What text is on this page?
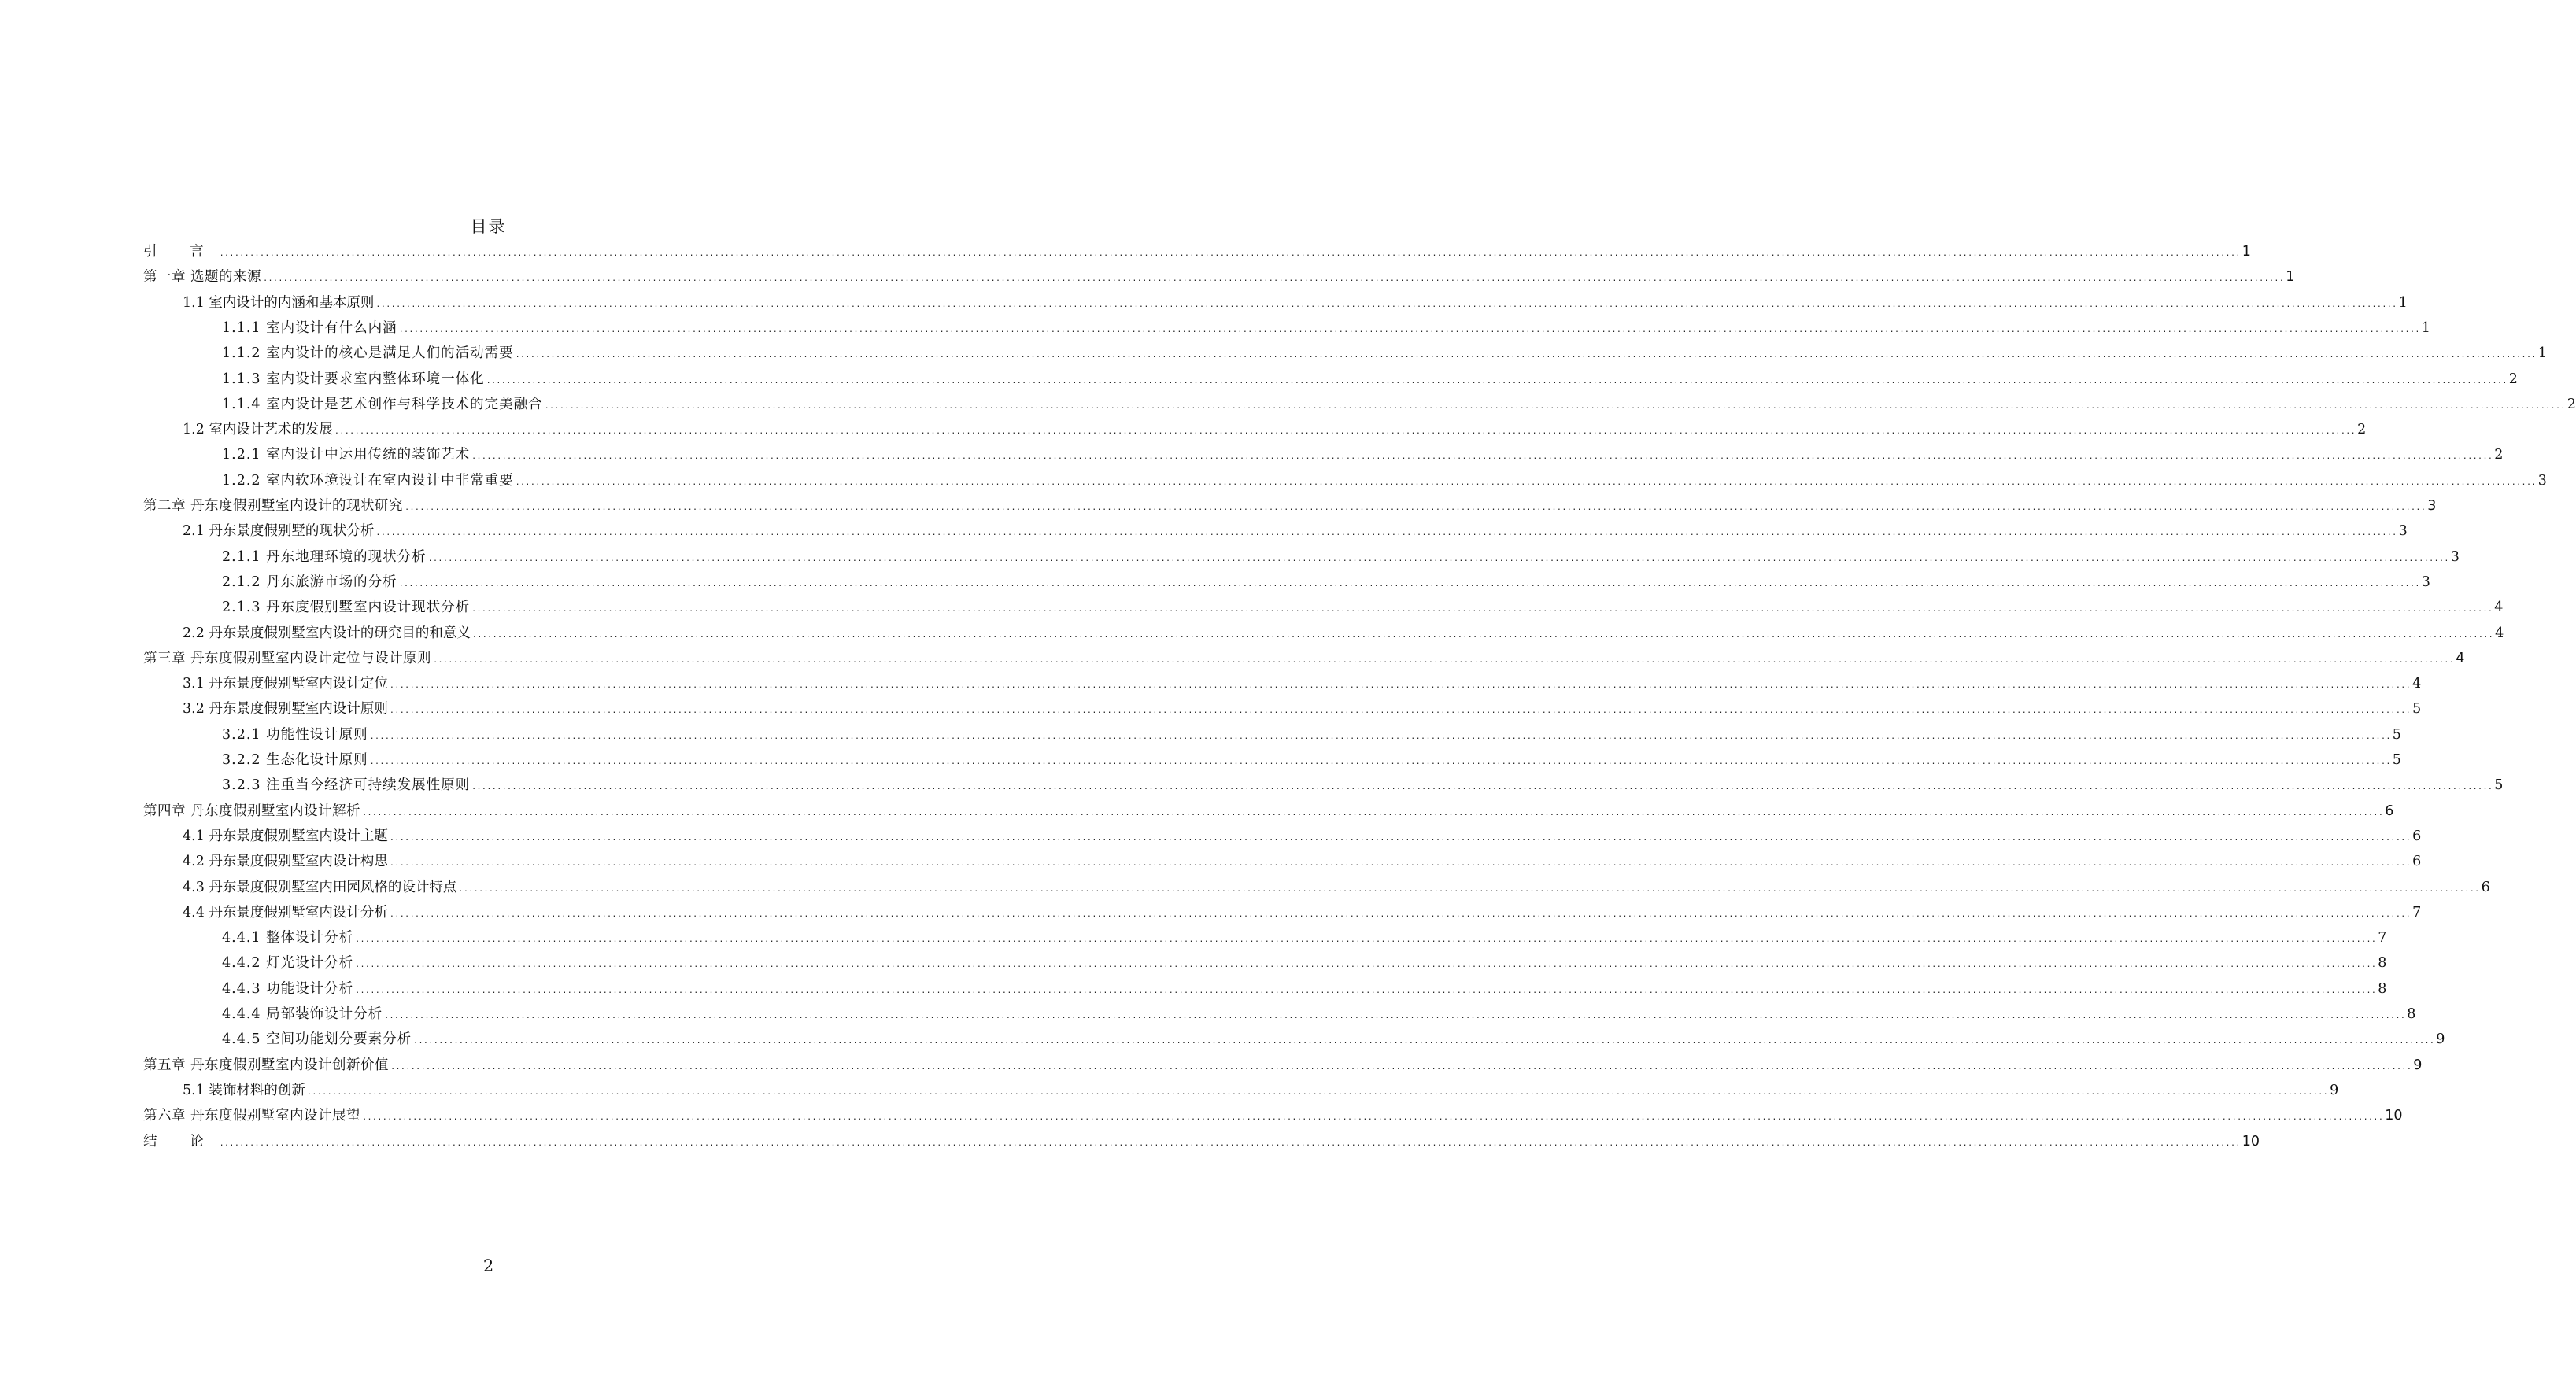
目录
引 言 ................................................................................................................................................................................................................................................................................................................................................................................................................ 1
第一章 选题的来源 ................................................................................................................................................................................................................................................................................................................................................................................................................ 1
1.1 室内设计的内涵和基本原则 ................................................................................................................................................................................................................................................................................................................................................................................................................ 1
1.1.1 室内设计有什么内涵 ................................................................................................................................................................................................................................................................................................................................................................................................................ 1
1.1.2 室内设计的核心是满足人们的活动需要 ................................................................................................................................................................................................................................................................................................................................................................................................................ 1
1.1.3 室内设计要求室内整体环境一体化 ................................................................................................................................................................................................................................................................................................................................................................................................................ 2
1.1.4 室内设计是艺术创作与科学技术的完美融合 ................................................................................................................................................................................................................................................................................................................................................................................................................ 2
1.2 室内设计艺术的发展 ................................................................................................................................................................................................................................................................................................................................................................................................................ 2
1.2.1 室内设计中运用传统的装饰艺术 ................................................................................................................................................................................................................................................................................................................................................................................................................ 2
1.2.2 室内软环境设计在室内设计中非常重要 ................................................................................................................................................................................................................................................................................................................................................................................................................ 3
第二章 丹东度假别墅室内设计的现状研究 ................................................................................................................................................................................................................................................................................................................................................................................................................ 3
2.1 丹东景度假别墅的现状分析 ................................................................................................................................................................................................................................................................................................................................................................................................................ 3
2.1.1 丹东地理环境的现状分析 ................................................................................................................................................................................................................................................................................................................................................................................................................ 3
2.1.2 丹东旅游市场的分析 ................................................................................................................................................................................................................................................................................................................................................................................................................ 3
2.1.3 丹东度假别墅室内设计现状分析 ................................................................................................................................................................................................................................................................................................................................................................................................................ 4
2.2 丹东景度假别墅室内设计的研究目的和意义 ................................................................................................................................................................................................................................................................................................................................................................................................................ 4
第三章 丹东度假别墅室内设计定位与设计原则 ................................................................................................................................................................................................................................................................................................................................................................................................................ 4
3.1 丹东景度假别墅室内设计定位 ................................................................................................................................................................................................................................................................................................................................................................................................................ 4
3.2 丹东景度假别墅室内设计原则 ................................................................................................................................................................................................................................................................................................................................................................................................................ 5
3.2.1 功能性设计原则 ................................................................................................................................................................................................................................................................................................................................................................................................................ 5
3.2.2 生态化设计原则 ................................................................................................................................................................................................................................................................................................................................................................................................................ 5
3.2.3 注重当今经济可持续发展性原则 ................................................................................................................................................................................................................................................................................................................................................................................................................ 5
第四章 丹东度假别墅室内设计解析 ................................................................................................................................................................................................................................................................................................................................................................................................................ 6
4.1 丹东景度假别墅室内设计主题 ................................................................................................................................................................................................................................................................................................................................................................................................................ 6
4.2 丹东景度假别墅室内设计构思 ................................................................................................................................................................................................................................................................................................................................................................................................................ 6
4.3 丹东景度假别墅室内田园风格的设计特点 ................................................................................................................................................................................................................................................................................................................................................................................................................ 6
4.4 丹东景度假别墅室内设计分析 ................................................................................................................................................................................................................................................................................................................................................................................................................ 7
4.4.1 整体设计分析 ................................................................................................................................................................................................................................................................................................................................................................................................................ 7
4.4.2 灯光设计分析 ................................................................................................................................................................................................................................................................................................................................................................................................................ 8
4.4.3 功能设计分析 ................................................................................................................................................................................................................................................................................................................................................................................................................ 8
4.4.4 局部装饰设计分析 ................................................................................................................................................................................................................................................................................................................................................................................................................ 8
4.4.5 空间功能划分要素分析 ................................................................................................................................................................................................................................................................................................................................................................................................................ 9
第五章 丹东度假别墅室内设计创新价值 ................................................................................................................................................................................................................................................................................................................................................................................................................ 9
5.1 装饰材料的创新 ................................................................................................................................................................................................................................................................................................................................................................................................................ 9
第六章 丹东度假别墅室内设计展望 ................................................................................................................................................................................................................................................................................................................................................................................................................ 10
结 论 ................................................................................................................................................................................................................................................................................................................................................................................................................ 10
2
